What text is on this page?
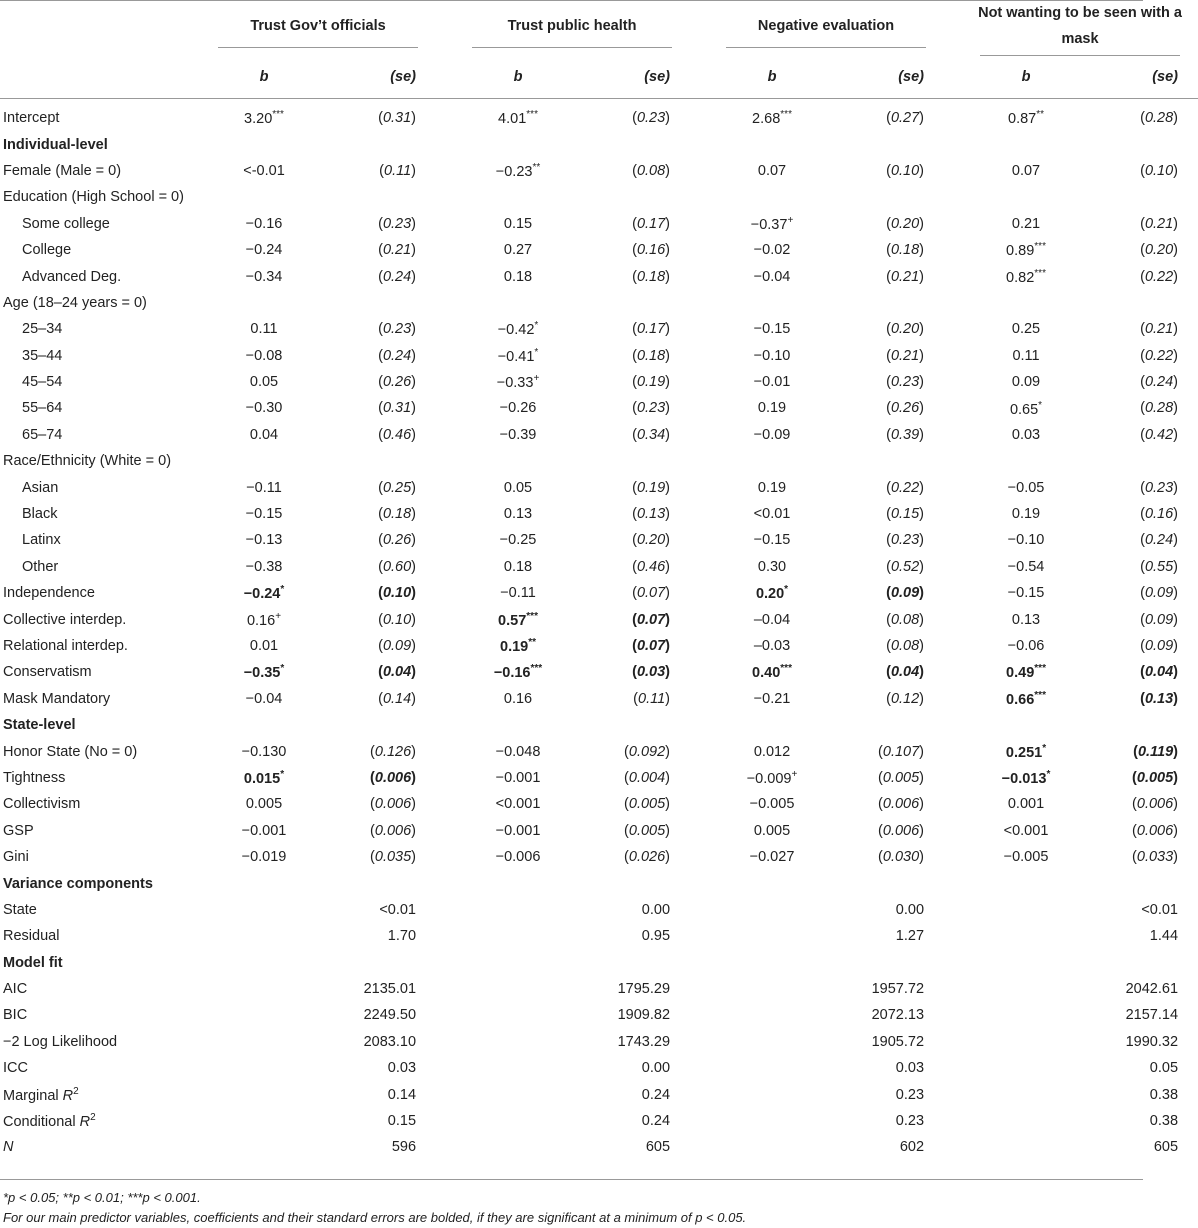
	Trust Gov’t officials			Trust public health			Negative evaluation			Not wanting to be seen with a mask	

	b	(se)		b	(se)		b	(se)		b	(se)
Intercept	3.20***	(0.31)		4.01***	(0.23)		2.68***	(0.27)		0.87**	(0.28)
Individual-level											
Female (Male = 0)	<-0.01	(0.11)		−0.23**	(0.08)		0.07	(0.10)		0.07	(0.10)
Education (High School = 0)											
Some college	−0.16	(0.23)		0.15	(0.17)		−0.37+	(0.20)		0.21	(0.21)
College	−0.24	(0.21)		0.27	(0.16)		−0.02	(0.18)		0.89***	(0.20)
Advanced Deg.	−0.34	(0.24)		0.18	(0.18)		−0.04	(0.21)		0.82***	(0.22)
Age (18–24 years = 0)											
25–34	0.11	(0.23)		−0.42*	(0.17)		−0.15	(0.20)		0.25	(0.21)
35–44	−0.08	(0.24)		−0.41*	(0.18)		−0.10	(0.21)		0.11	(0.22)
45–54	0.05	(0.26)		−0.33+	(0.19)		−0.01	(0.23)		0.09	(0.24)
55–64	−0.30	(0.31)		−0.26	(0.23)		0.19	(0.26)		0.65*	(0.28)
65–74	0.04	(0.46)		−0.39	(0.34)		−0.09	(0.39)		0.03	(0.42)
Race/Ethnicity (White = 0)											
Asian	−0.11	(0.25)		0.05	(0.19)		0.19	(0.22)		−0.05	(0.23)
Black	−0.15	(0.18)		0.13	(0.13)		<0.01	(0.15)		0.19	(0.16)
Latinx	−0.13	(0.26)		−0.25	(0.20)		−0.15	(0.23)		−0.10	(0.24)
Other	−0.38	(0.60)		0.18	(0.46)		0.30	(0.52)		−0.54	(0.55)
Independence	−0.24*	(0.10)		−0.11	(0.07)		0.20*	(0.09)		−0.15	(0.09)
Collective interdep.	0.16+	(0.10)		0.57***	(0.07)		–0.04	(0.08)		0.13	(0.09)
Relational interdep.	0.01	(0.09)		0.19**	(0.07)		–0.03	(0.08)		−0.06	(0.09)
Conservatism	−0.35*	(0.04)		−0.16***	(0.03)		0.40***	(0.04)		0.49***	(0.04)
Mask Mandatory	−0.04	(0.14)		0.16	(0.11)		−0.21	(0.12)		0.66***	(0.13)
State-level											
Honor State (No = 0)	−0.130	(0.126)		−0.048	(0.092)		0.012	(0.107)		0.251*	(0.119)
Tightness	0.015*	(0.006)		−0.001	(0.004)		−0.009+	(0.005)		−0.013*	(0.005)
Collectivism	0.005	(0.006)		<0.001	(0.005)		−0.005	(0.006)		0.001	(0.006)
GSP	−0.001	(0.006)		−0.001	(0.005)		0.005	(0.006)		<0.001	(0.006)
Gini	−0.019	(0.035)		−0.006	(0.026)		−0.027	(0.030)		−0.005	(0.033)
Variance components											
State		<0.01			0.00			0.00			<0.01
Residual		1.70			0.95			1.27			1.44
Model fit											
AIC		2135.01			1795.29			1957.72			2042.61
BIC		2249.50			1909.82			2072.13			2157.14
−2 Log Likelihood		2083.10			1743.29			1905.72			1990.32
ICC		0.03			0.00			0.03			0.05
Marginal $R^2$		0.14			0.24			0.23			0.38
Conditional $R^2$		0.15			0.24			0.23			0.38
N		596			605			602			605
*p < 0.05; **p < 0.01; ***p < 0.001.
For our main predictor variables, coefficients and their standard errors are bolded, if they are significant at a minimum of p < 0.05.
